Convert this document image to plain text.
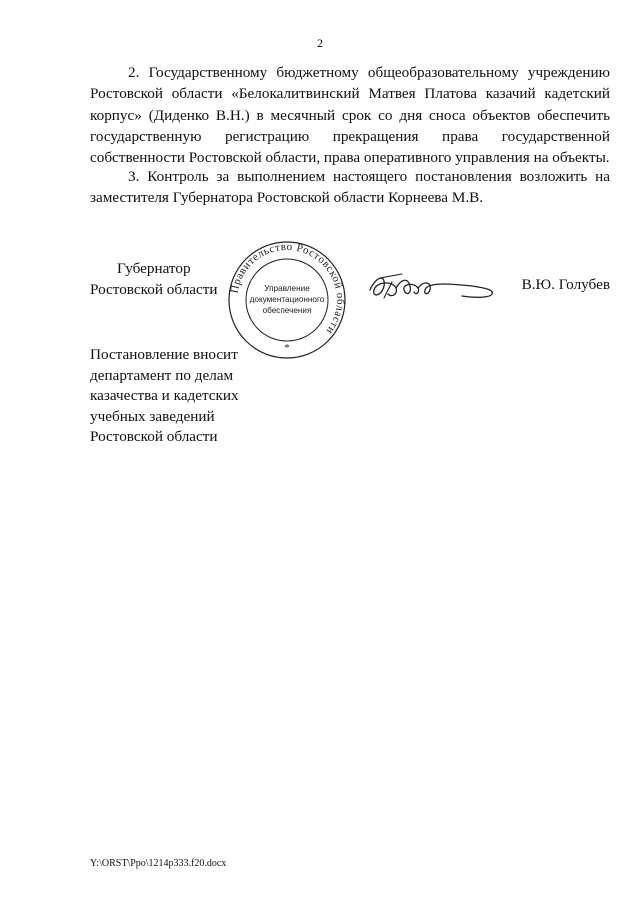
2

2. Государственному бюджетному общеобразовательному учреждению Ростовской области «Белокалитвинский Матвея Платова казачий кадетский корпус» (Диденко В.Н.) в месячный срок со дня сноса объектов обеспечить государственную регистрацию прекращения права государственной собственности Ростовской области, права оперативного управления на объекты.

3. Контроль за выполнением настоящего постановления возложить на заместителя Губернатора Ростовской области Корнеева М.В.

Губернатор
Ростовской области Правительство Ростовской области
Управление
документационного
обеспечения
*
В.Ю. Голубев
Постановление вносит
департамент по делам
казачества и кадетских
учебных заведений
Ростовской области
Y:\ORST\Ppo\1214p333.f20.docx
